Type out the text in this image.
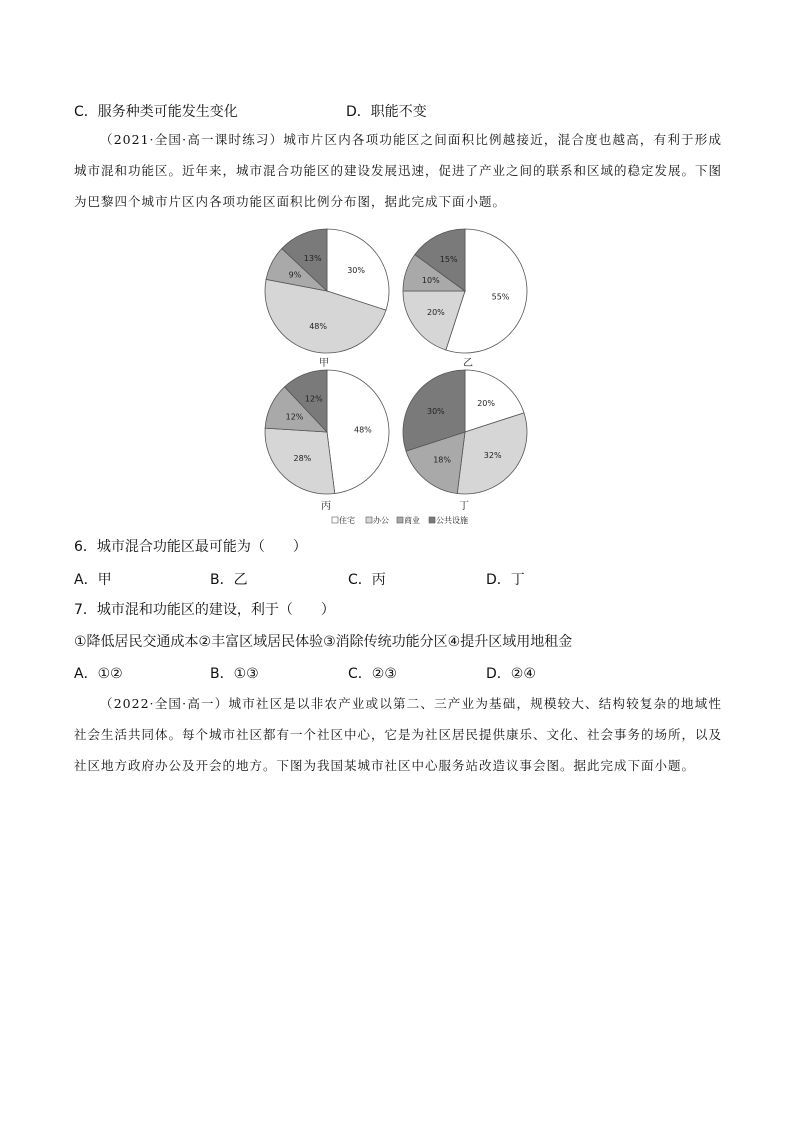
C．服务种类可能发生变化	D．职能不变
（2021·全国·高一课时练习）城市片区内各项功能区之间面积比例越接近，混合度也越高，有利于形成城市混和功能区。近年来，城市混合功能区的建设发展迅速，促进了产业之间的联系和区域的稳定发展。下图为巴黎四个城市片区内各项功能区面积比例分布图，据此完成下面小题。
30%
48%
9%
13%
甲
55%
20%
10%
15%
乙
48%
28%
12%
12%
丙
20%
32%
18%
30%
丁
住宅 办公 商业 公共设施
6．城市混合功能区最可能为（　　）
A．甲	B．乙	C．丙	D．丁
7．城市混和功能区的建设，利于（　　）
①降低居民交通成本②丰富区域居民体验③消除传统功能分区④提升区域用地租金
A．①②	B．①③	C．②③	D．②④
（2022·全国·高一）城市社区是以非农产业或以第二、三产业为基础，规模较大、结构较复杂的地域性社会生活共同体。每个城市社区都有一个社区中心，它是为社区居民提供康乐、文化、社会事务的场所，以及社区地方政府办公及开会的地方。下图为我国某城市社区中心服务站改造议事会图。据此完成下面小题。
